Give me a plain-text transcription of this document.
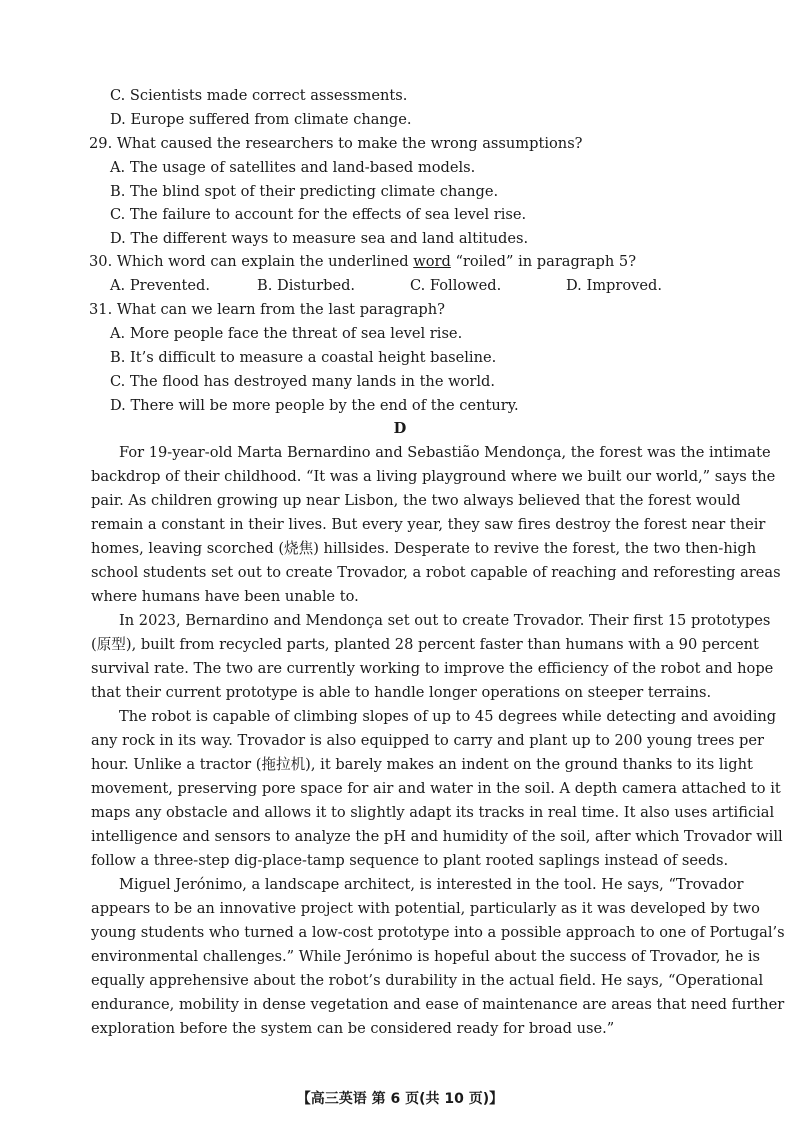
C. Scientists made correct assessments.
D. Europe suffered from climate change.
29. What caused the researchers to make the wrong assumptions?
A. The usage of satellites and land-based models.
B. The blind spot of their predicting climate change.
C. The failure to account for the effects of sea level rise.
D. The different ways to measure sea and land altitudes.
30. Which word can explain the underlined word “roiled” in paragraph 5?
A. Prevented.	B. Disturbed.	C. Followed.	D. Improved.
31. What can we learn from the last paragraph?
A. More people face the threat of sea level rise.
B. It’s difficult to measure a coastal height baseline.
C. The flood has destroyed many lands in the world.
D. There will be more people by the end of the century.
D
For 19-year-old Marta Bernardino and Sebastião Mendonça, the forest was the intimate
backdrop of their childhood. “It was a living playground where we built our world,” says the
pair. As children growing up near Lisbon, the two always believed that the forest would
remain a constant in their lives. But every year, they saw fires destroy the forest near their
homes, leaving scorched (烧焦) hillsides. Desperate to revive the forest, the two then-high
school students set out to create Trovador, a robot capable of reaching and reforesting areas
where humans have been unable to.
In 2023, Bernardino and Mendonça set out to create Trovador. Their first 15 prototypes
(原型), built from recycled parts, planted 28 percent faster than humans with a 90 percent
survival rate. The two are currently working to improve the efficiency of the robot and hope
that their current prototype is able to handle longer operations on steeper terrains.
The robot is capable of climbing slopes of up to 45 degrees while detecting and avoiding
any rock in its way. Trovador is also equipped to carry and plant up to 200 young trees per
hour. Unlike a tractor (拖拉机), it barely makes an indent on the ground thanks to its light
movement, preserving pore space for air and water in the soil. A depth camera attached to it
maps any obstacle and allows it to slightly adapt its tracks in real time. It also uses artificial
intelligence and sensors to analyze the pH and humidity of the soil, after which Trovador will
follow a three-step dig-place-tamp sequence to plant rooted saplings instead of seeds.
Miguel Jerónimo, a landscape architect, is interested in the tool. He says, “Trovador
appears to be an innovative project with potential, particularly as it was developed by two
young students who turned a low-cost prototype into a possible approach to one of Portugal’s
environmental challenges.” While Jerónimo is hopeful about the success of Trovador, he is
equally apprehensive about the robot’s durability in the actual field. He says, “Operational
endurance, mobility in dense vegetation and ease of maintenance are areas that need further
exploration before the system can be considered ready for broad use.”
【高三英语 第 6 页(共 10 页)】
